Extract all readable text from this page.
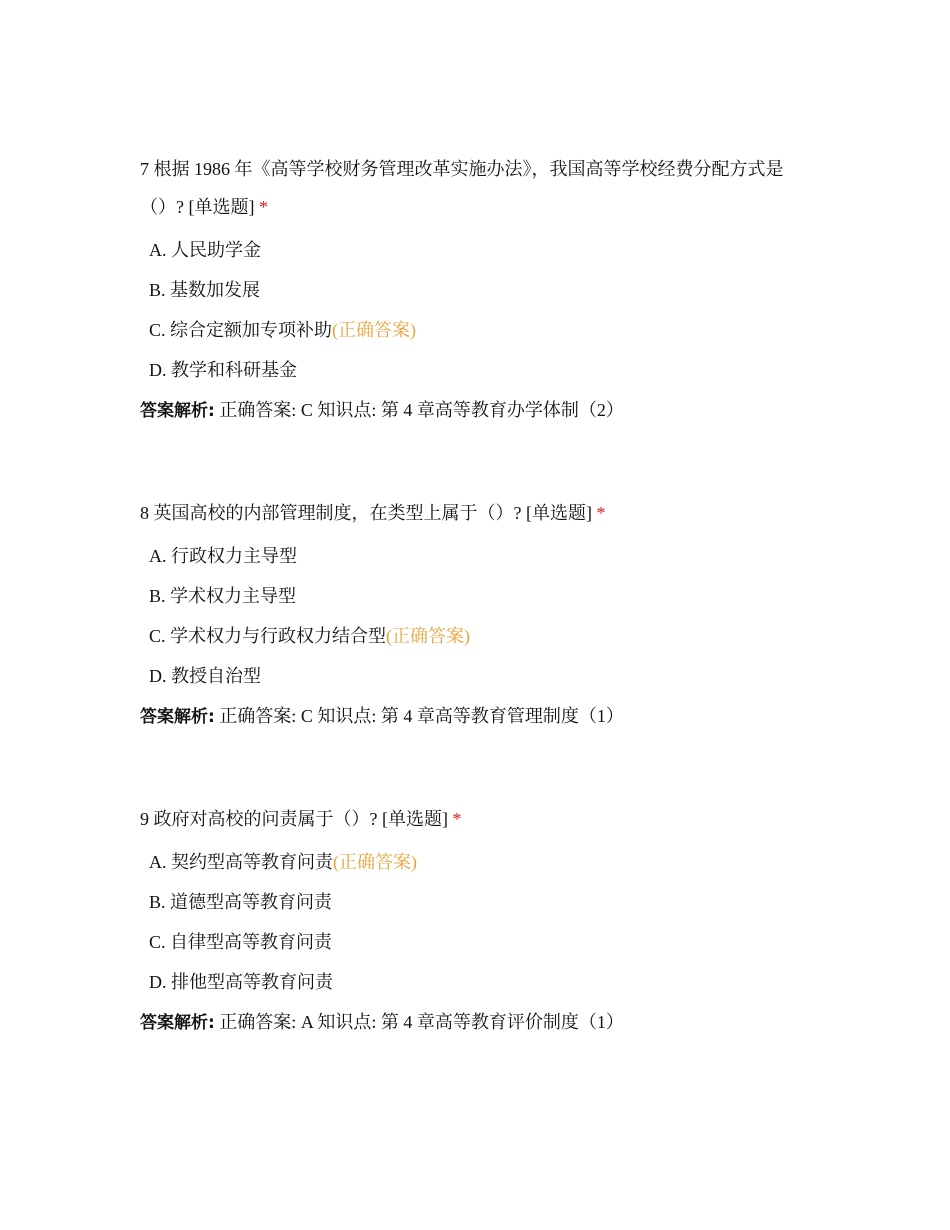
7 根据 1986 年《高等学校财务管理改革实施办法》，我国高等学校经费分配方式是（）? [单选题] *
A. 人民助学金
B. 基数加发展
C. 综合定额加专项补助(正确答案)
D. 教学和科研基金
答案解析: 正确答案: C 知识点: 第 4 章高等教育办学体制（2）
8 英国高校的内部管理制度，在类型上属于（）? [单选题] *
A. 行政权力主导型
B. 学术权力主导型
C. 学术权力与行政权力结合型(正确答案)
D. 教授自治型
答案解析: 正确答案: C 知识点: 第 4 章高等教育管理制度（1）
9 政府对高校的问责属于（）? [单选题] *
A. 契约型高等教育问责(正确答案)
B. 道德型高等教育问责
C. 自律型高等教育问责
D. 排他型高等教育问责
答案解析: 正确答案: A 知识点: 第 4 章高等教育评价制度（1）
